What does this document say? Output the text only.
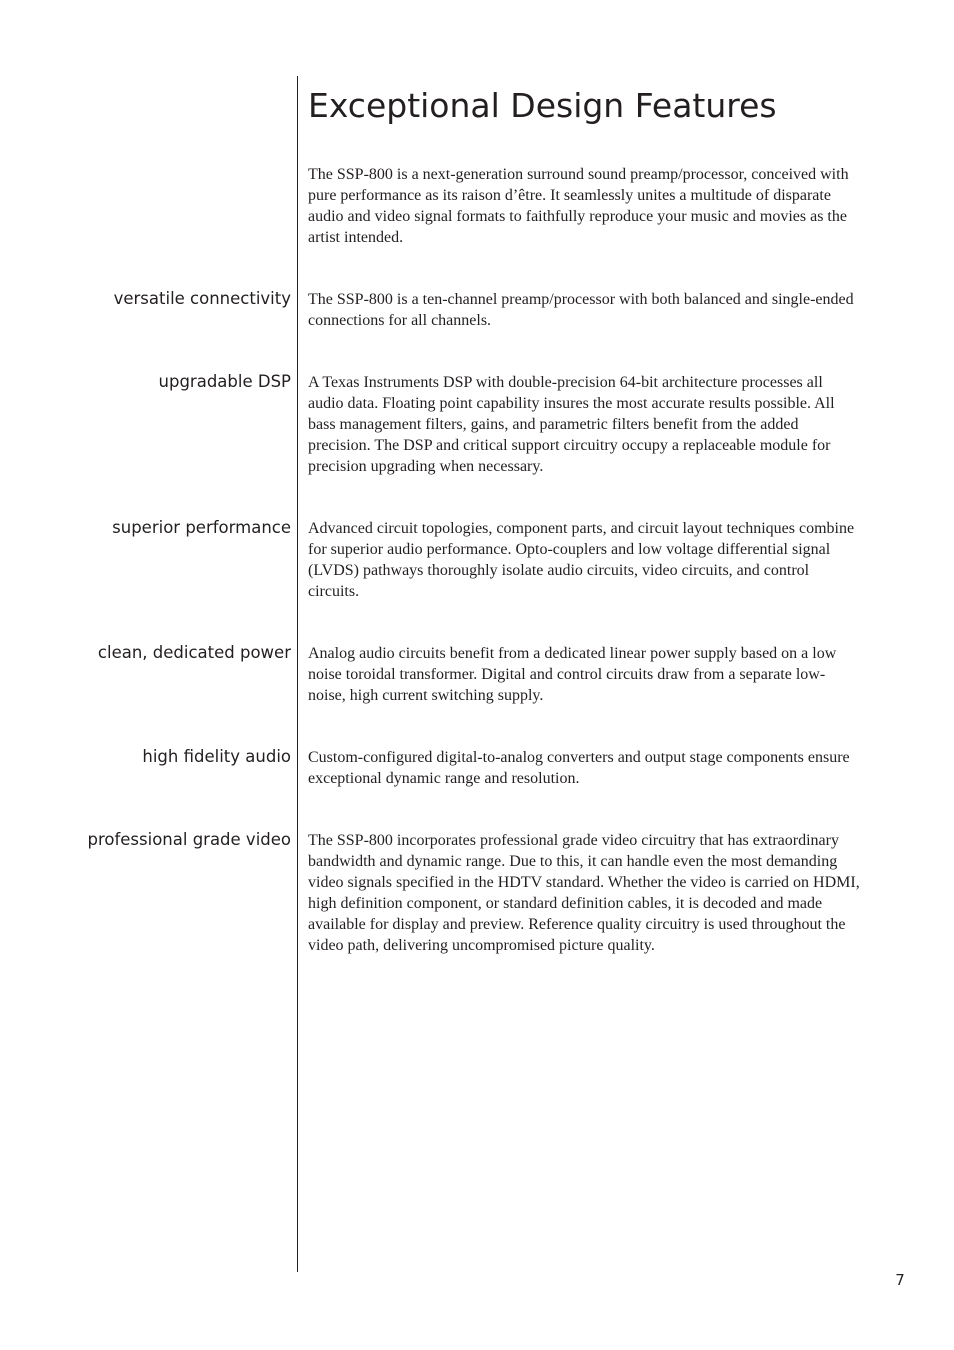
Exceptional Design Features

The SSP-800 is a next-generation surround sound preamp/processor, conceived with pure performance as its raison d’être. It seamlessly unites a multitude of disparate audio and video signal formats to faithfully reproduce your music and movies as the artist intended.

versatile connectivity The SSP-800 is a ten-channel preamp/processor with both balanced and single-ended connections for all channels.

upgradable DSP A Texas Instruments DSP with double-precision 64-bit architecture processes all audio data. Floating point capability insures the most accurate results possible. All bass management filters, gains, and parametric filters benefit from the added precision. The DSP and critical support circuitry occupy a replaceable module for precision upgrading when necessary.

superior performance Advanced circuit topologies, component parts, and circuit layout techniques combine for superior audio performance. Opto-couplers and low voltage differential signal (LVDS) pathways thoroughly isolate audio circuits, video circuits, and control circuits.

clean, dedicated power Analog audio circuits benefit from a dedicated linear power supply based on a low noise toroidal transformer. Digital and control circuits draw from a separate low-noise, high current switching supply.

high fidelity audio Custom-configured digital-to-analog converters and output stage components ensure exceptional dynamic range and resolution.

professional grade video The SSP-800 incorporates professional grade video circuitry that has extraordinary bandwidth and dynamic range. Due to this, it can handle even the most demanding video signals specified in the HDTV standard. Whether the video is carried on HDMI, high definition component, or standard definition cables, it is decoded and made available for display and preview. Reference quality circuitry is used throughout the video path, delivering uncompromised picture quality.

7
